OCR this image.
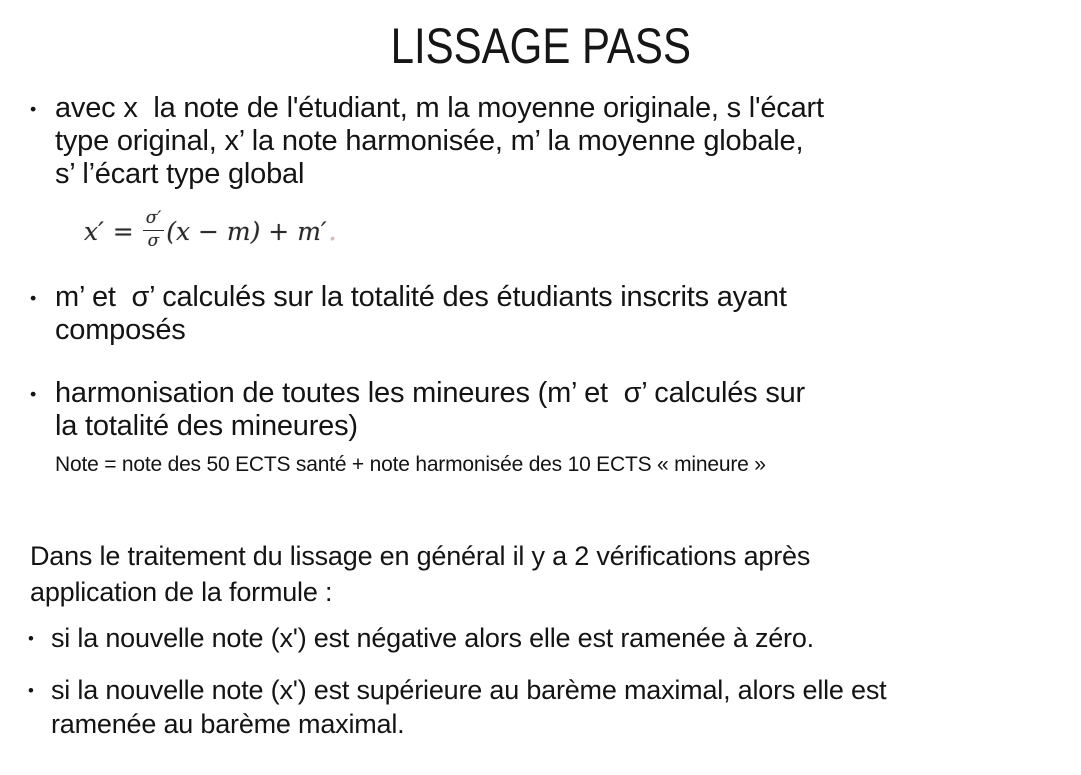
LISSAGE PASS
• avec x  la note de l'étudiant, m la moyenne originale, s l'écart
type original, x’ la note harmonisée, m’ la moyenne globale,
s’ l’écart type global
$x' = \frac{\sigma'}{\sigma} (x - m) + m'$ .
• m’ et  σ’ calculés sur la totalité des étudiants inscrits ayant
composés
• harmonisation de toutes les mineures (m’ et  σ’ calculés sur
la totalité des mineures)
Note = note des 50 ECTS santé + note harmonisée des 10 ECTS « mineure »
Dans le traitement du lissage en général il y a 2 vérifications après
application de la formule :
• si la nouvelle note (x') est négative alors elle est ramenée à zéro.
• si la nouvelle note (x') est supérieure au barème maximal, alors elle est
ramenée au barème maximal.
